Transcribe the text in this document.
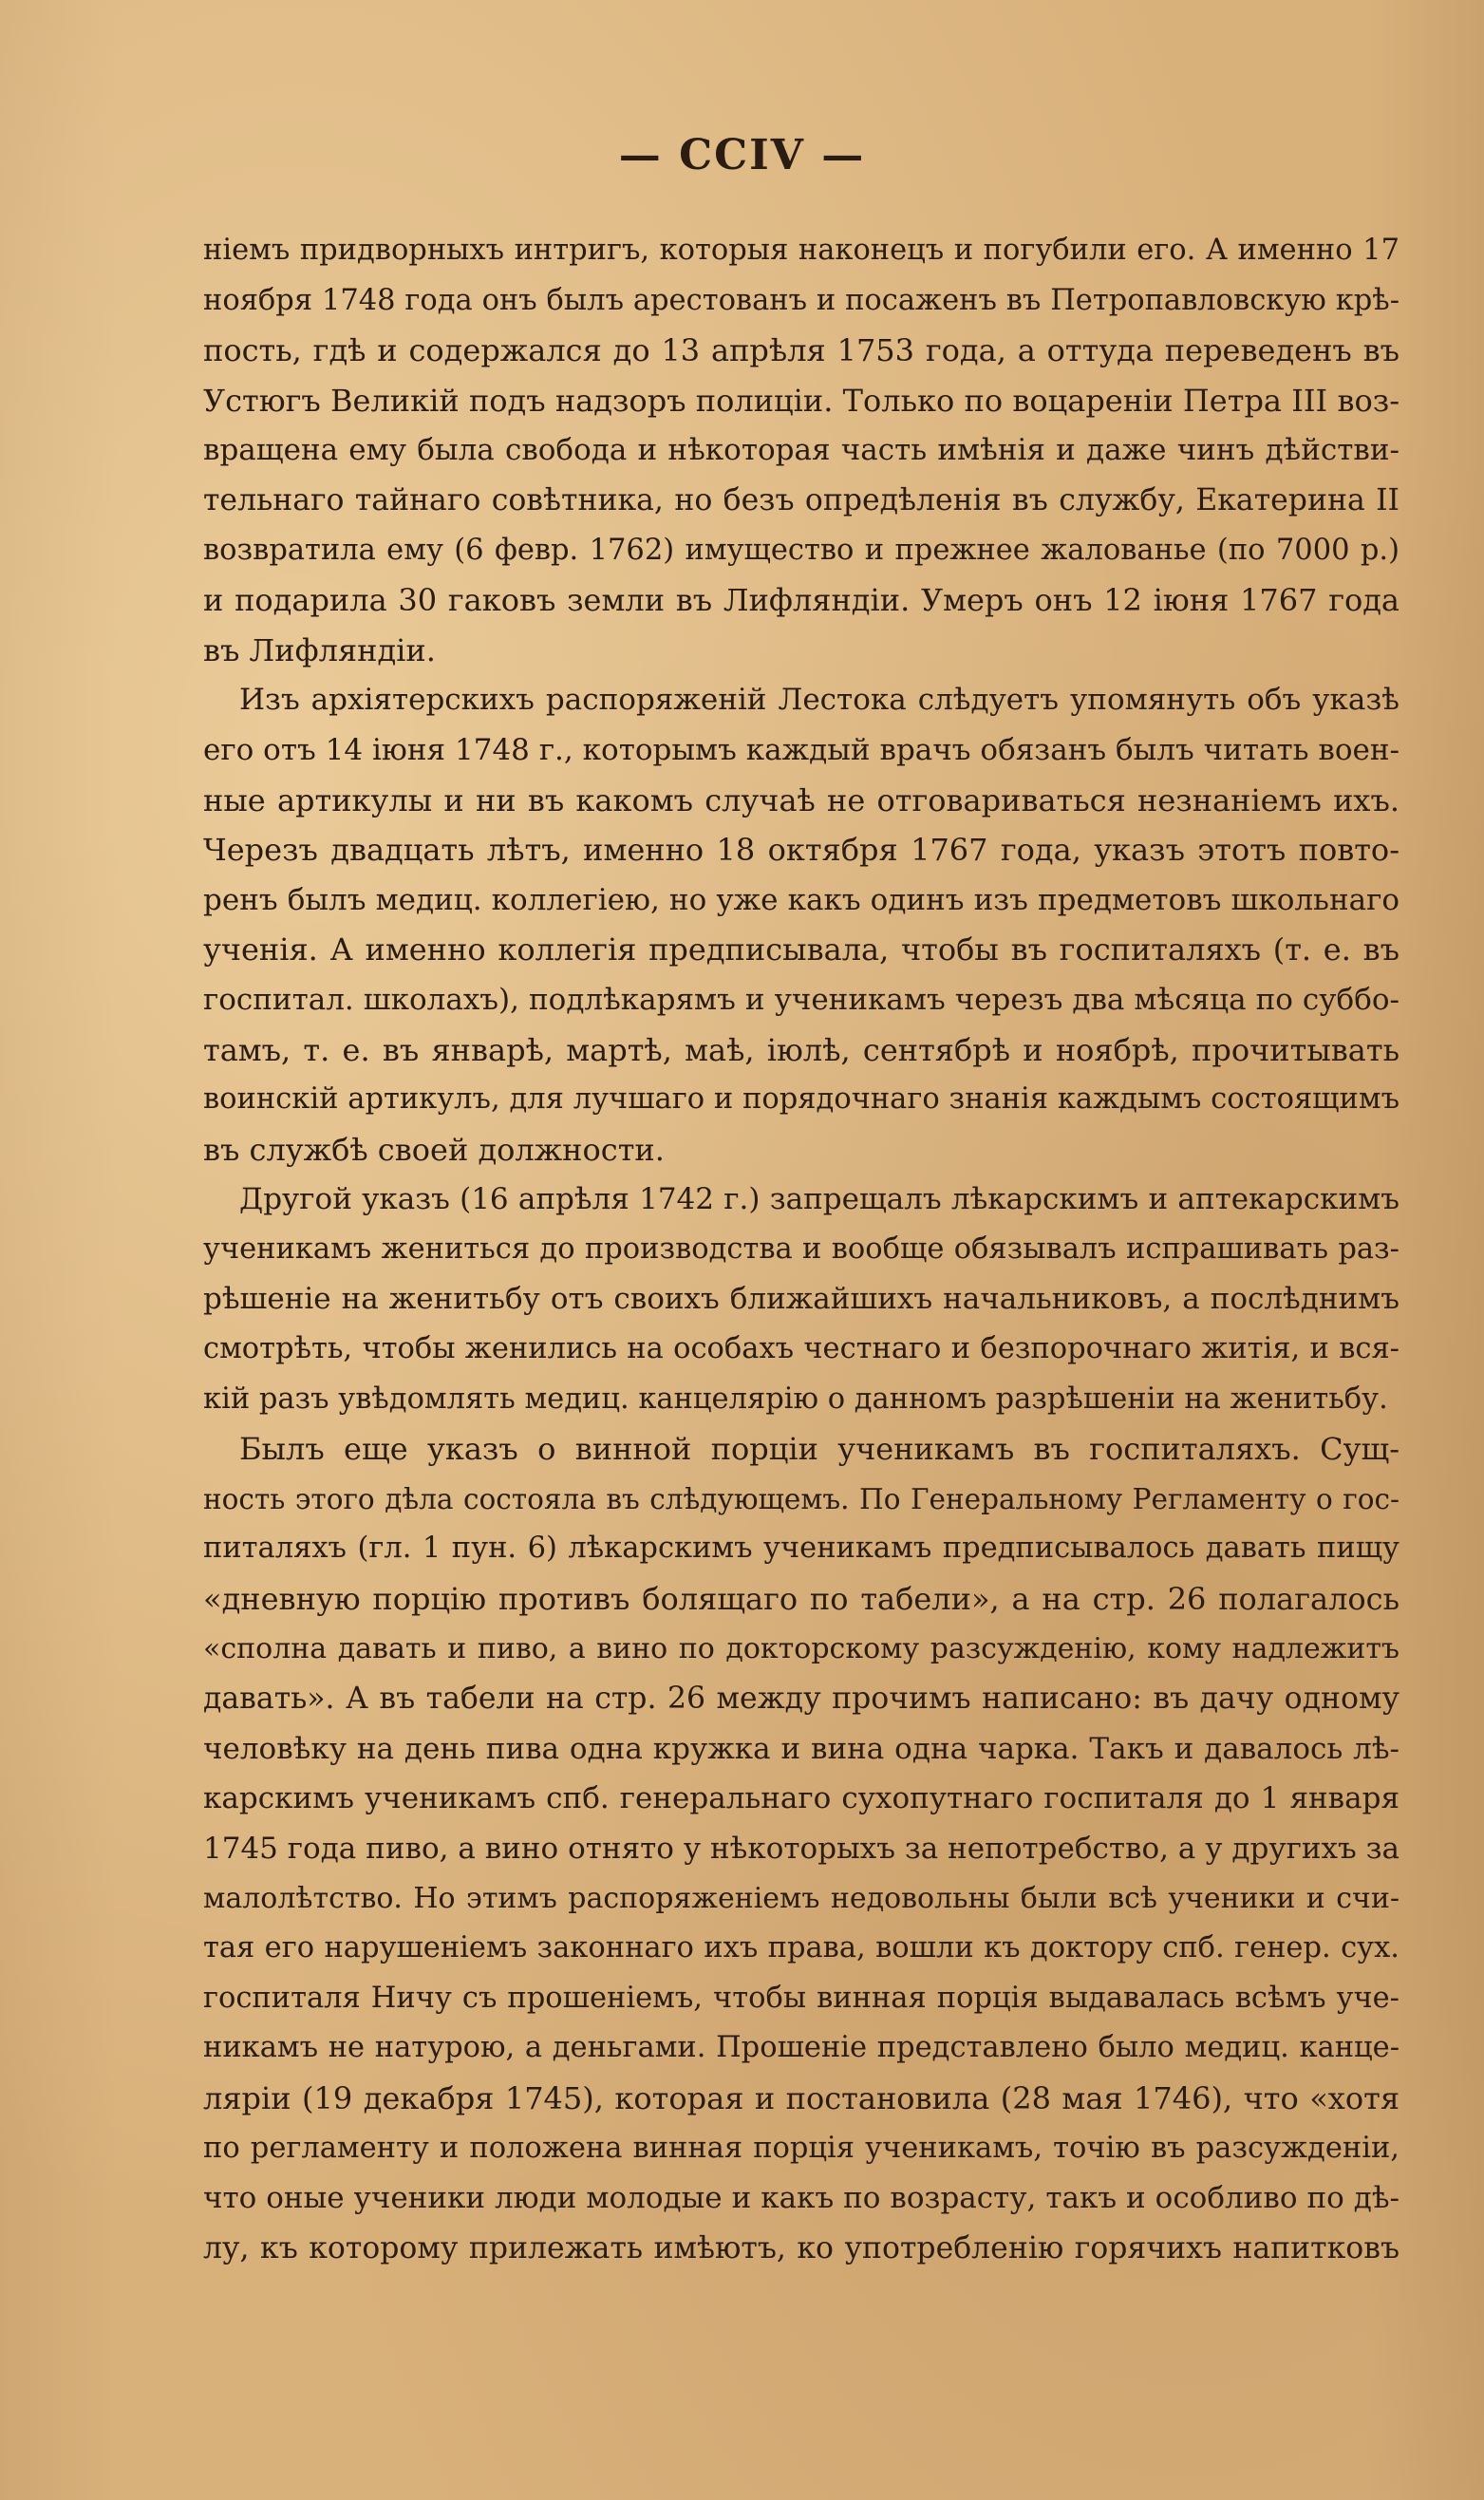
— CCIV —
ніемъ придворныхъ интригъ, которыя наконецъ и погубили его. А именно 17
ноября 1748 года онъ былъ арестованъ и посаженъ въ Петропавловскую крѣ-
пость, гдѣ и содержался до 13 апрѣля 1753 года, а оттуда переведенъ въ
Устюгъ Великій подъ надзоръ полиціи. Только по воцареніи Петра III воз-
вращена ему была свобода и нѣкоторая часть имѣнія и даже чинъ дѣйстви-
тельнаго тайнаго совѣтника, но безъ опредѣленія въ службу, Екатерина II
возвратила ему (6 февр. 1762) имущество и прежнее жалованье (по 7000 р.)
и подарила 30 гаковъ земли въ Лифляндіи. Умеръ онъ 12 іюня 1767 года
въ Лифляндіи.
Изъ архіятерскихъ распоряженій Лестока слѣдуетъ упомянуть объ указѣ
его отъ 14 іюня 1748 г., которымъ каждый врачъ обязанъ былъ читать воен-
ные артикулы и ни въ какомъ случаѣ не отговариваться незнаніемъ ихъ.
Черезъ двадцать лѣтъ, именно 18 октября 1767 года, указъ этотъ повто-
ренъ былъ медиц. коллегіею, но уже какъ одинъ изъ предметовъ школьнаго
ученія. А именно коллегія предписывала, чтобы въ госпиталяхъ (т. е. въ
госпитал. школахъ), подлѣкарямъ и ученикамъ черезъ два мѣсяца по суббо-
тамъ, т. е. въ январѣ, мартѣ, маѣ, іюлѣ, сентябрѣ и ноябрѣ, прочитывать
воинскій артикулъ, для лучшаго и порядочнаго знанія каждымъ состоящимъ
въ службѣ своей должности.
Другой указъ (16 апрѣля 1742 г.) запрещалъ лѣкарскимъ и аптекарскимъ
ученикамъ жениться до производства и вообще обязывалъ испрашивать раз-
рѣшеніе на женитьбу отъ своихъ ближайшихъ начальниковъ, а послѣднимъ
смотрѣть, чтобы женились на особахъ честнаго и безпорочнаго житія, и вся-
кій разъ увѣдомлять медиц. канцелярію о данномъ разрѣшеніи на женитьбу.
Былъ еще указъ о винной порціи ученикамъ въ госпиталяхъ. Сущ-
ность этого дѣла состояла въ слѣдующемъ. По Генеральному Регламенту о гос-
питаляхъ (гл. 1 пун. 6) лѣкарскимъ ученикамъ предписывалось давать пищу
«дневную порцію противъ болящаго по табели», а на стр. 26 полагалось
«сполна давать и пиво, а вино по докторскому разсужденію, кому надлежитъ
давать». А въ табели на стр. 26 между прочимъ написано: въ дачу одному
человѣку на день пива одна кружка и вина одна чарка. Такъ и давалось лѣ-
карскимъ ученикамъ спб. генеральнаго сухопутнаго госпиталя до 1 января
1745 года пиво, а вино отнято у нѣкоторыхъ за непотребство, а у другихъ за
малолѣтство. Но этимъ распоряженіемъ недовольны были всѣ ученики и счи-
тая его нарушеніемъ законнаго ихъ права, вошли къ доктору спб. генер. сух.
госпиталя Ничу съ прошеніемъ, чтобы винная порція выдавалась всѣмъ уче-
никамъ не натурою, а деньгами. Прошеніе представлено было медиц. канце-
ляріи (19 декабря 1745), которая и постановила (28 мая 1746), что «хотя
по регламенту и положена винная порція ученикамъ, точію въ разсужденіи,
что оные ученики люди молодые и какъ по возрасту, такъ и особливо по дѣ-
лу, къ которому прилежать имѣютъ, ко употребленію горячихъ напитковъ
